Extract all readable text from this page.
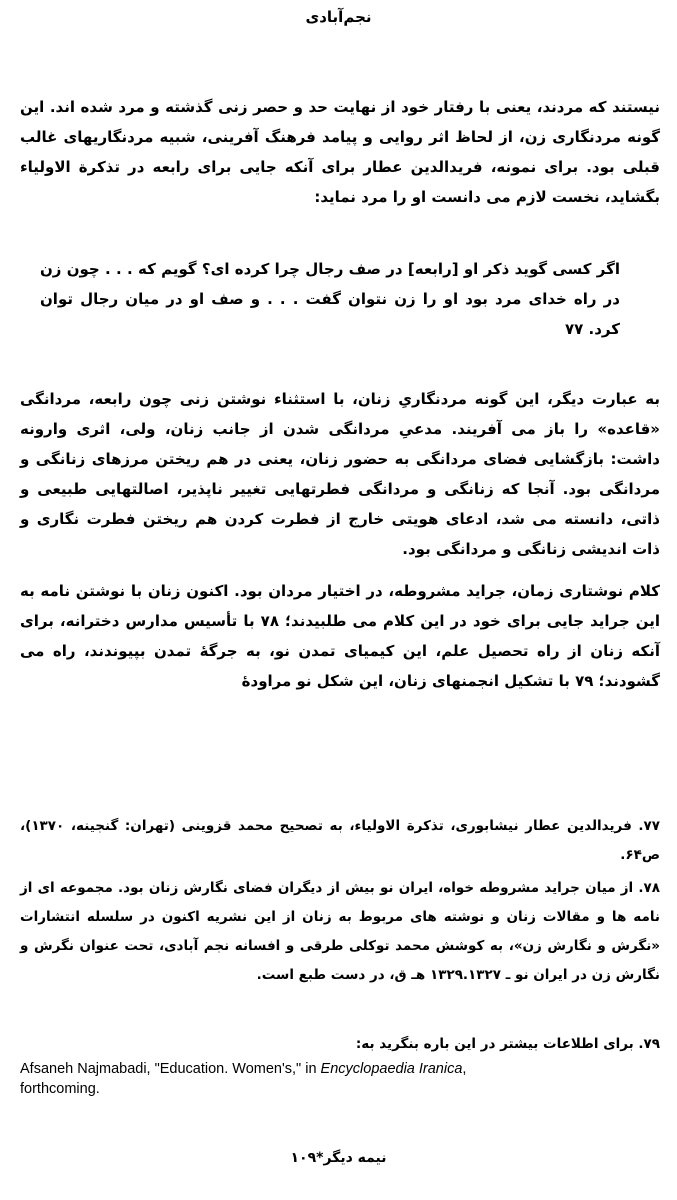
نجم‌آبادی
نیستند که مردند، یعنی با رفتار خود از نهایت حد و حصر زنی گذشته و مرد شده اند. این گونه مردنگاری زن، از لحاظ اثر روایی و پیامد فرهنگ آفرینی، شبیه مردنگاریهای غالب قبلی بود. برای نمونه، فریدالدین عطار برای آنکه جایی برای رابعه در تذکرة الاولیاء بگشاید، نخست لازم می دانست او را مرد نماید:
اگر کسی گوید ذکر او [رابعه] در صف رجال چرا کرده ای؟ گویم که . . . چون زن در راه خدای مرد بود او را زن نتوان گفت . . . و صف او در میان رجال توان کرد. ۷۷
به عبارت دیگر، این گونه مردنگاریِ زنان، با استثناء نوشتن زنی چون رابعه، مردانگی «قاعده» را باز می آفریند. مدعیِ مردانگی شدن از جانب زنان، ولی، اثری وارونه داشت: بازگشایی فضای مردانگی به حضور زنان، یعنی در هم ریختن مرزهای زنانگی و مردانگی بود. آنجا که زنانگی و مردانگی فطرتهایی تغییر ناپذیر، اصالتهایی طبیعی و ذاتی، دانسته می شد، ادعای هویتی خارج از فطرت کردن هم ریختن فطرت نگاری و ذات اندیشی زنانگی و مردانگی بود.
کلام نوشتاری زمان، جراید مشروطه، در اختیار مردان بود. اکنون زنان با نوشتن نامه به این جراید جایی برای خود در این کلام می طلبیدند؛ ۷۸ با تأسیس مدارس دخترانه، برای آنکه زنان از راه تحصیل علم، این کیمیای تمدن نو، به جرگهٔ تمدن بپیوندند، راه می گشودند؛ ۷۹ با تشکیل انجمنهای زنان، این شکل نو مراودهٔ
۷۷. فریدالدین عطار نیشابوری، تذکرة الاولیاء، به تصحیح محمد قزوینی (تهران: گنجینه، ۱۳۷۰)، ص۶۴.
۷۸. از میان جراید مشروطه خواه، ایران نو بیش از دیگران فضای نگارش زنان بود. مجموعه ای از نامه ها و مقالات زنان و نوشته های مربوط به زنان از این نشریه اکنون در سلسله انتشارات «نگرش و نگارش زن»، به کوشش محمد توکلی طرقی و افسانه نجم آبادی، تحت عنوان نگرش و نگارش زن در ایران نو ـ ۱۳۲۹.۱۳۲۷ هـ ق، در دست طبع است.
۷۹. برای اطلاعات بیشتر در این باره بنگرید به:
Afsaneh Najmabadi, "Education. Women's," in Encyclopaedia Iranica,
forthcoming.
نیمه دیگر*۱۰۹
